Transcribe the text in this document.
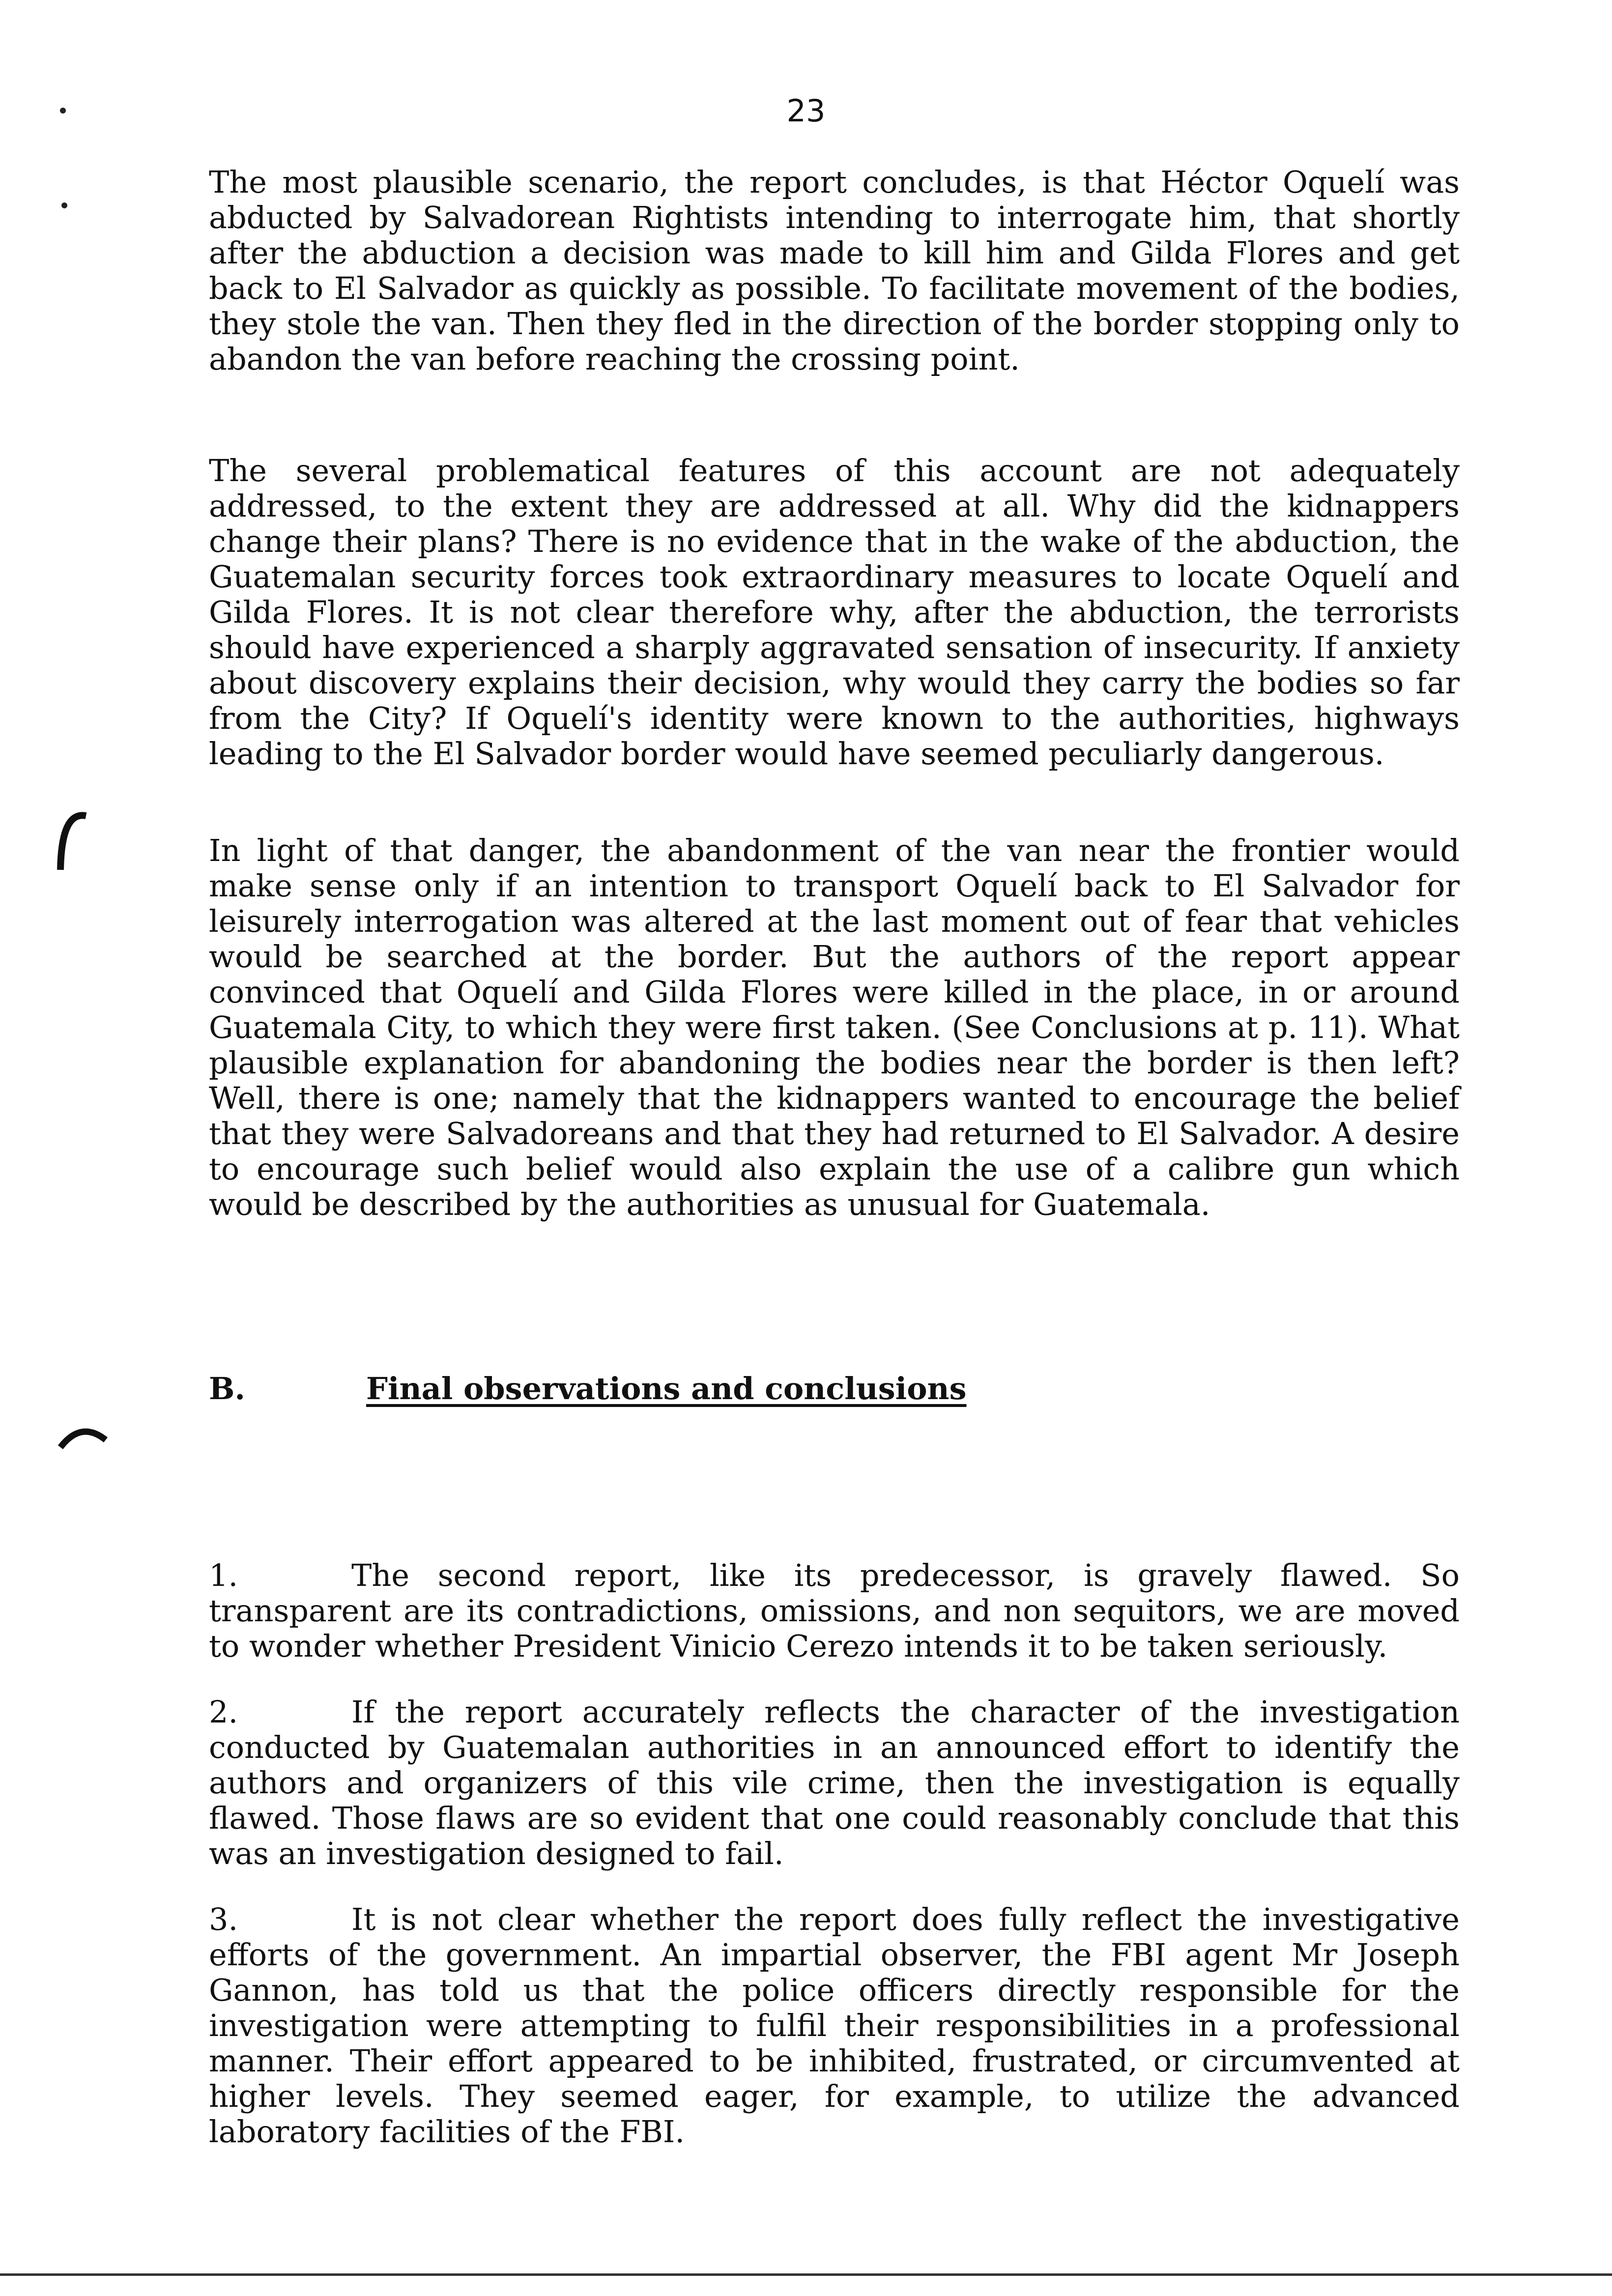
23

The most plausible scenario, the report concludes, is that Héctor Oquelí was abducted by Salvadorean Rightists intending to interrogate him, that shortly after the abduction a decision was made to kill him and Gilda Flores and get back to El Salvador as quickly as possible. To facilitate movement of the bodies, they stole the van. Then they fled in the direction of the border stopping only to abandon the van before reaching the crossing point.

The several problematical features of this account are not adequately addressed, to the extent they are addressed at all. Why did the kidnappers change their plans? There is no evidence that in the wake of the abduction, the Guatemalan security forces took extraordinary measures to locate Oquelí and Gilda Flores. It is not clear therefore why, after the abduction, the terrorists should have experienced a sharply aggravated sensation of insecurity. If anxiety about discovery explains their decision, why would they carry the bodies so far from the City? If Oquelí's identity were known to the authorities, highways leading to the El Salvador border would have seemed peculiarly dangerous.

In light of that danger, the abandonment of the van near the frontier would make sense only if an intention to transport Oquelí back to El Salvador for leisurely interrogation was altered at the last moment out of fear that vehicles would be searched at the border. But the authors of the report appear convinced that Oquelí and Gilda Flores were killed in the place, in or around Guatemala City, to which they were first taken. (See Conclusions at p. 11). What plausible explanation for abandoning the bodies near the border is then left? Well, there is one; namely that the kidnappers wanted to encourage the belief that they were Salvadoreans and that they had returned to El Salvador. A desire to encourage such belief would also explain the use of a calibre gun which would be described by the authorities as unusual for Guatemala.

B.	Final observations and conclusions

1.	The second report, like its predecessor, is gravely flawed. So transparent are its contradictions, omissions, and non sequitors, we are moved to wonder whether President Vinicio Cerezo intends it to be taken seriously.

2.	If the report accurately reflects the character of the investigation conducted by Guatemalan authorities in an announced effort to identify the authors and organizers of this vile crime, then the investigation is equally flawed. Those flaws are so evident that one could reasonably conclude that this was an investigation designed to fail.

3.	It is not clear whether the report does fully reflect the investigative efforts of the government. An impartial observer, the FBI agent Mr Joseph Gannon, has told us that the police officers directly responsible for the investigation were attempting to fulfil their responsibilities in a professional manner. Their effort appeared to be inhibited, frustrated, or circumvented at higher levels. They seemed eager, for example, to utilize the advanced laboratory facilities of the FBI.
